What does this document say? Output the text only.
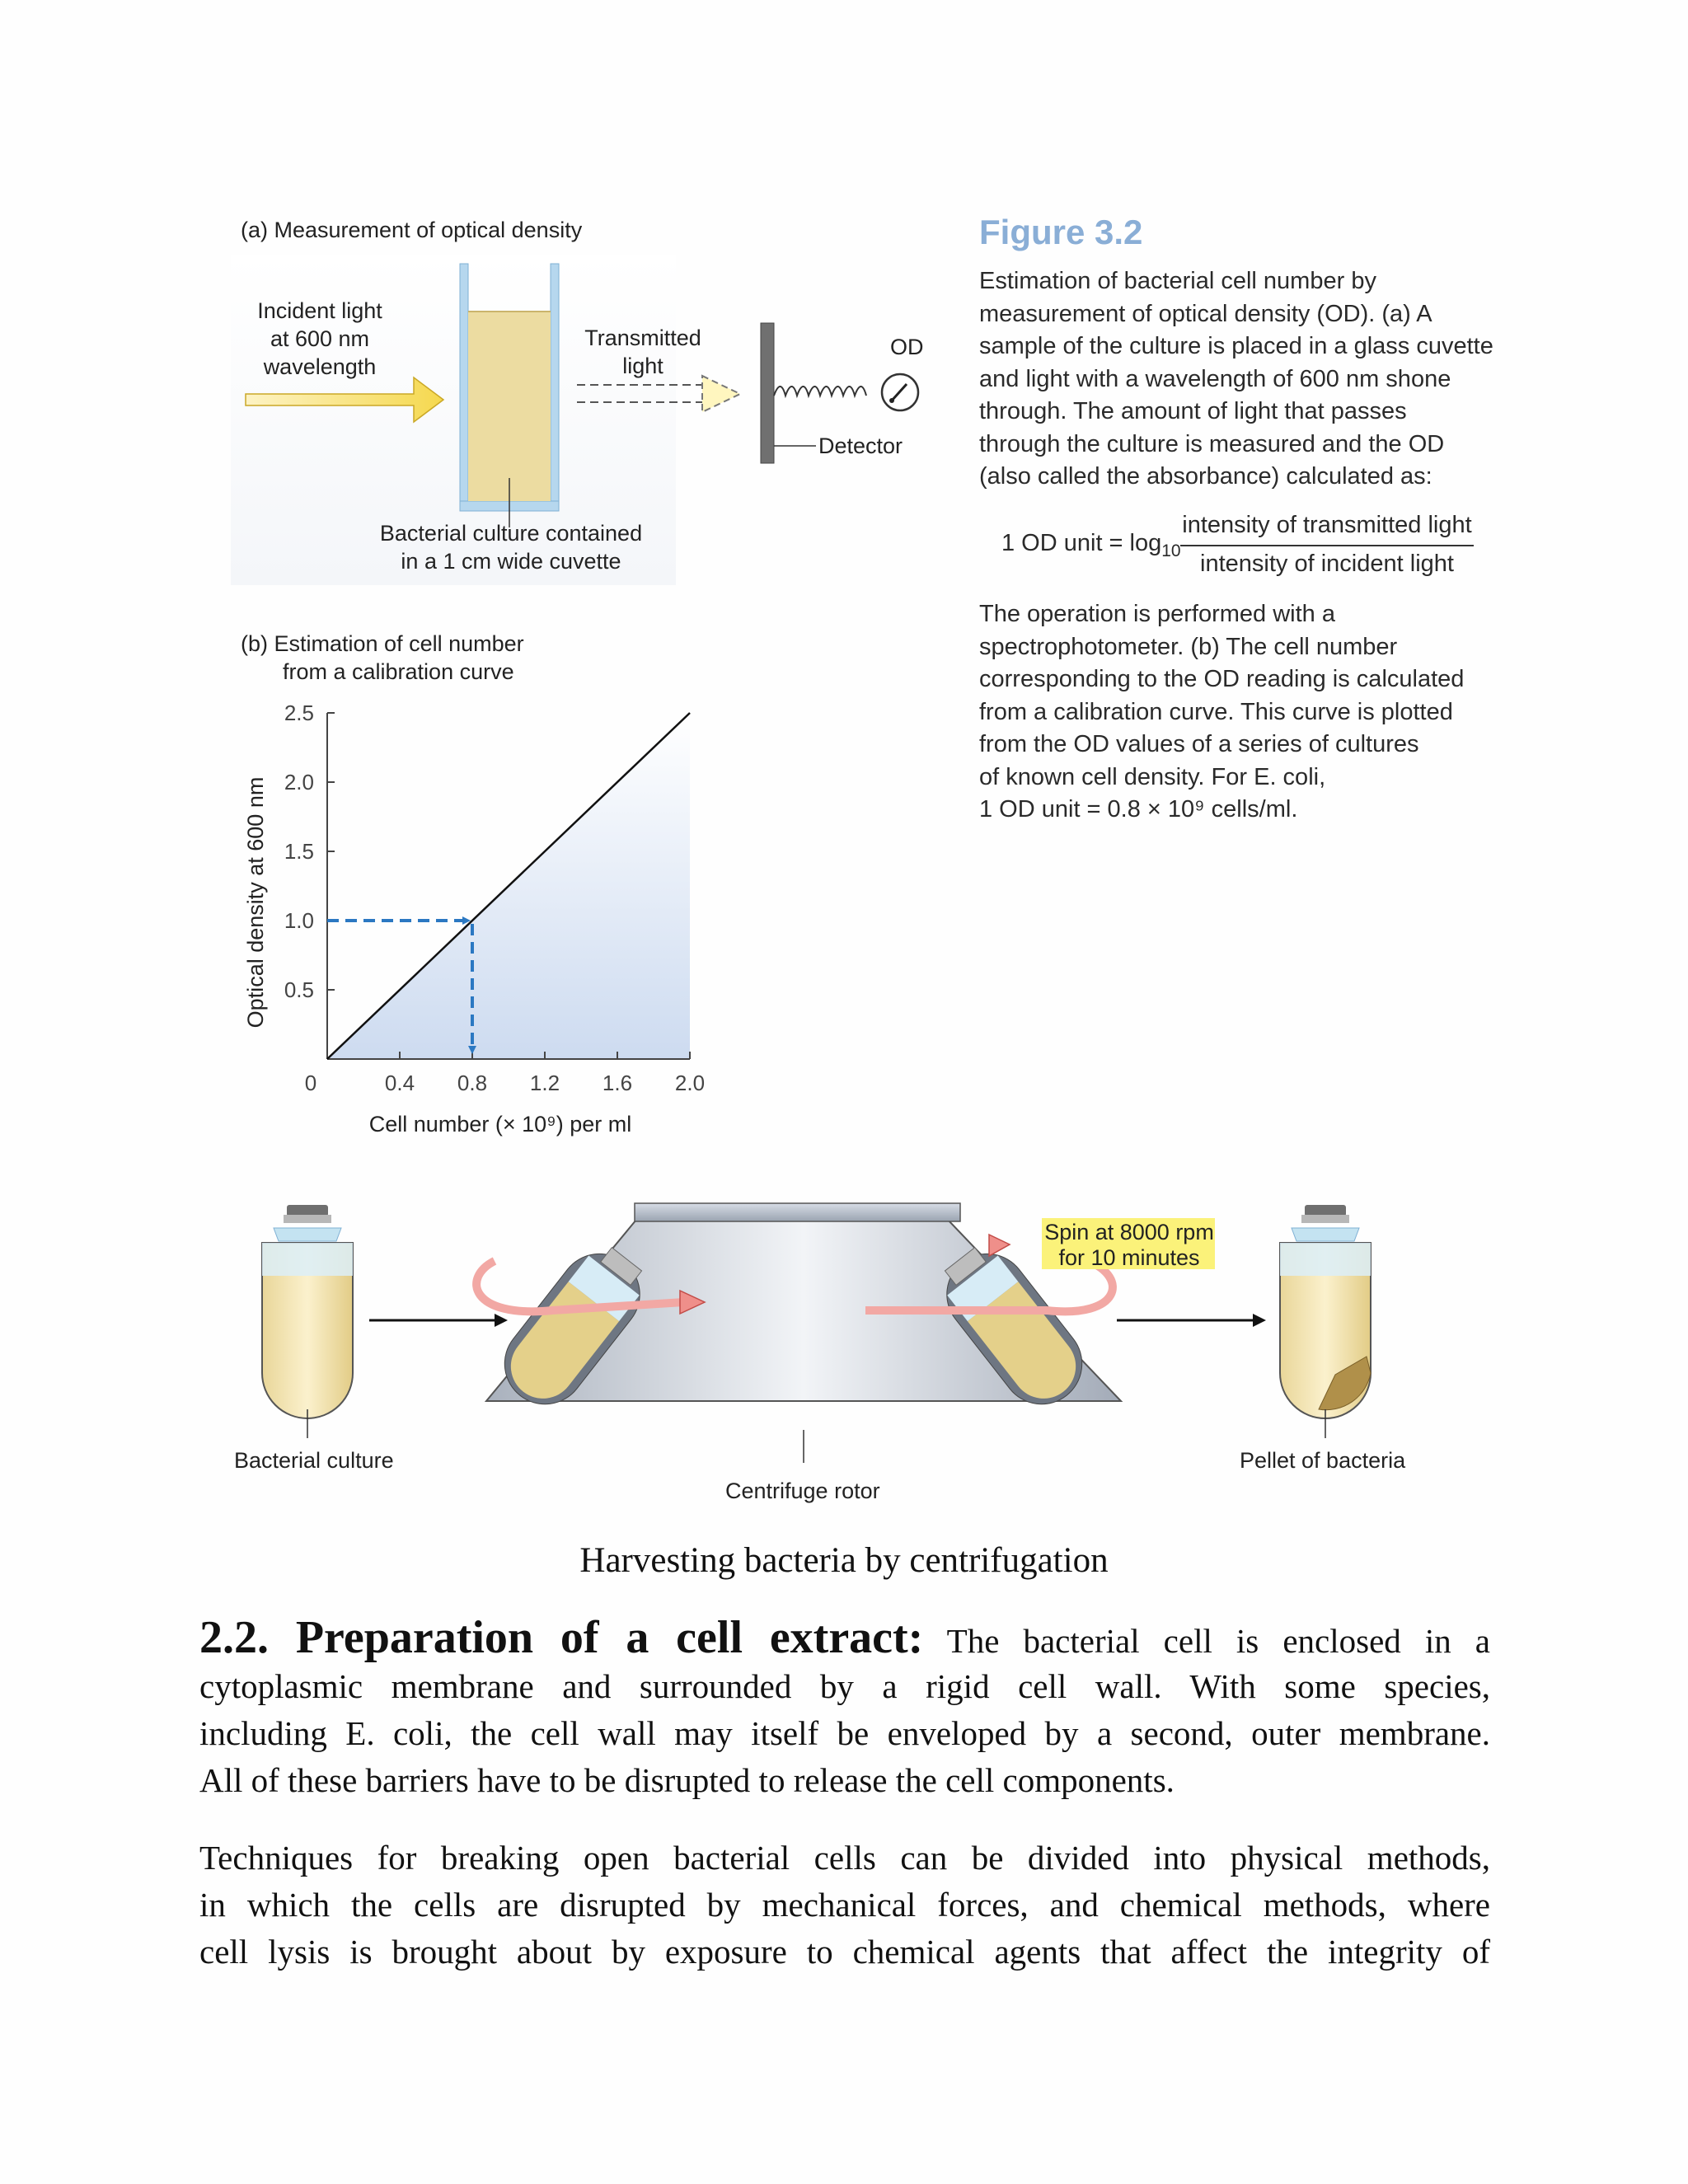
(a) Measurement of optical density
Incident light
at 600 nm
wavelength
Transmitted
light
OD
Detector
Bacterial culture contained
in a 1 cm wide cuvette
Figure 3.2
Estimation of bacterial cell number by
measurement of optical density (OD). (a) A
sample of the culture is placed in a glass cuvette
and light with a wavelength of 600 nm shone
through. The amount of light that passes
through the culture is measured and the OD
(also called the absorbance) calculated as:
1 OD unit = $\log_{10}$
intensity of transmitted light
intensity of incident light
The operation is performed with a
spectrophotometer. (b) The cell number
corresponding to the OD reading is calculated
from a calibration curve. This curve is plotted
from the OD values of a series of cultures
of known cell density. For E. coli,
1 OD unit = 0.8 × 10⁹ cells/ml.
(b) Estimation of cell number
from a calibration curve
0.5
1.0
1.5
2.0
2.5
0	0.4 0.8 1.2 1.6 2.0
Cell number (× 10⁹) per ml
Optical density at 600 nm
Bacterial culture
Centrifuge rotor
Spin at 8000 rpm
for 10 minutes
Pellet of bacteria
Harvesting bacteria by centrifugation
2.2. Preparation of a cell extract: The bacterial cell is enclosed in a
cytoplasmic membrane and surrounded by a rigid cell wall. With some species,
including E. coli, the cell wall may itself be enveloped by a second, outer membrane.
All of these barriers have to be disrupted to release the cell components.
Techniques for breaking open bacterial cells can be divided into physical methods,
in which the cells are disrupted by mechanical forces, and chemical methods, where
cell lysis is brought about by exposure to chemical agents that affect the integrity of
